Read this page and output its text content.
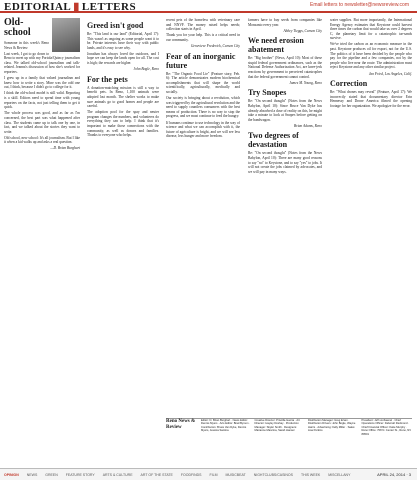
EDITORIAL ▮ LETTERS	Email letters to newsletter@newsreview.com
Old-school

Someone in this week's Reno News & Review

Last week, I got to go down to Reno to meet up with my Portola/Quincy journalism class. We talked old-school journalism and talk-related. Jeanna's discussion of how she's worked for reporters.

I grew up in a family that valued journalism and knew how to write a story. Mine was the odd one out, I think, because I didn't go to college for it.

I think the old-school model is still valid. Reporting is a skill. Editors need to spend time with young reporters on the facts, not just telling them to get it quick.

The whole process was good, and as far as I'm concerned, the best part was what happened after class. The students came up to talk one by one, in fact, and we talked about the stories they want to write.

Old school, new school: It's all journalism. But I like it when a kid walks up and asks a real question.

—D. Brian Burghart

Greed isn't good

Re: "This land is our land" (Editorial, April 17): This wasn't as ongoing as some people want it to be. Private interests have their way with public lands, and it's easy to see why.

Jonathan has always loved the outdoors, and I hope we can keep the lands open for all. The cost is high; the rewards are higher.

John Bogle, Reno

For the pets

A donation-matching mission is still a way to benefit pets. In Reno, 1,100 animals were adopted last month. The shelter works to make sure animals go to good homes and people are careful.

The adoption pool for the spay and neuter program changes the numbers, and volunteers do everything they can to help. I think that it's important to make those connections with the community, as well as donors and families. Thanks to everyone who helps.

recent pets of the homeless with veterinary care and NNVF. The money raised helps needs; collection starts in April.

Thank you for your help. This is a critical need in our community.

Genevieve Frederick, Carson City

Fear of an inorganic future

Re: "The Organic Food Lie" (Feature story, Feb. 6): The article demonstrates modern biochemical accomplishments that will shape the world scientifically, agriculturally, medically and socially.

Our society is bringing about a revolution, which was triggered by the agricultural revolution and the need to supply countless consumers with the best means of production. There is no way to stop the progress, and we must continue to feed the hungry.

If humans continue to use technology in the way of science and what we can accomplish with it, the future of agriculture is bright, and we will see less disease, less hunger and more freedom.

farmers have to buy seeds from companies like Monsanto every year.

Abbey Tieggs, Carson City

We need erosion abatement

Re: "Big brother" (News, April 10): Most of these stupid federal government ordinances, such as the National Defense Authorization Act, are knee-jerk reactions by government to perceived catastrophes that the federal government cannot control.

James M. Young, Reno

Try Snopes

Re: "On second thought" (Notes from the News Babylon, April 10): Since Bruce Van Dyke has already absorbed a dose of reality on this, he might take a minute to look at Snopes before getting on the bandwagon.

Brian Adams, Reno

Two degrees of devastation

Re: "On second thought" (Notes from the News Babylon, April 10): There are many good reasons to say "no" to Keystone, and to say "yes" to jobs. It will not create the jobs claimed by advocates, and we will pay in many ways.

water supplies. But more importantly, the International Energy Agency estimates that Keystone could harvest three times the carbon that would take us over 2 degrees C, the planetary limit for a catastrophic tar-sands survive.

We've tried the carbon as an economic measure in the past. Keystone produces oil for export, not for the U.S. The politics of it have been decided by the people who pay for the pipeline and a few companies, not by the people who live near the route. The administration must reject Keystone and any other similar project.

Jan Fried, Los Angeles, Calif.

Correction

Re: "What drones may reveal" (Feature, April 17): We incorrectly stated that documentary director Erin Hennessy and Drone America filmed the opening footage for her organization. We apologize for the error.

Reno News & Review
Editor: D. Brian Burghart · News Editor: Dennis Myers · Arts Editor: Brad Bynum · Contributors: Bruce Van Dyke, Dennis Myers, Jessica Santina
Creative Director: Priscilla Garcia · Art Director: Hayley Doshay · Production Manager: Skyler Smith · Designers: Marianne Mancina, Sarah Hansel
Distribution Manager: Greg Erwin · Distribution Drivers: John Bogle, Wayne Harris · Advertising: Kelly Miller · Sales: Lisa Perkins
President: Jeff vonKaenel · Chief Operations Officer: Deborah Redmond · Chief Financial Officer: Katie Murphy · Reno Office: 708 N. Center St., Reno, NV 89501
OPINION	NEWS	GREEN	FEATURE STORY	ARTS & CULTURE	ART OF THE STATE	FOODFINDS	FILM	MUSICBEAT	NIGHTCLUBS/CASINOS	THIS WEEK	MISCELLANY	APRIL 24, 2014 · 3
